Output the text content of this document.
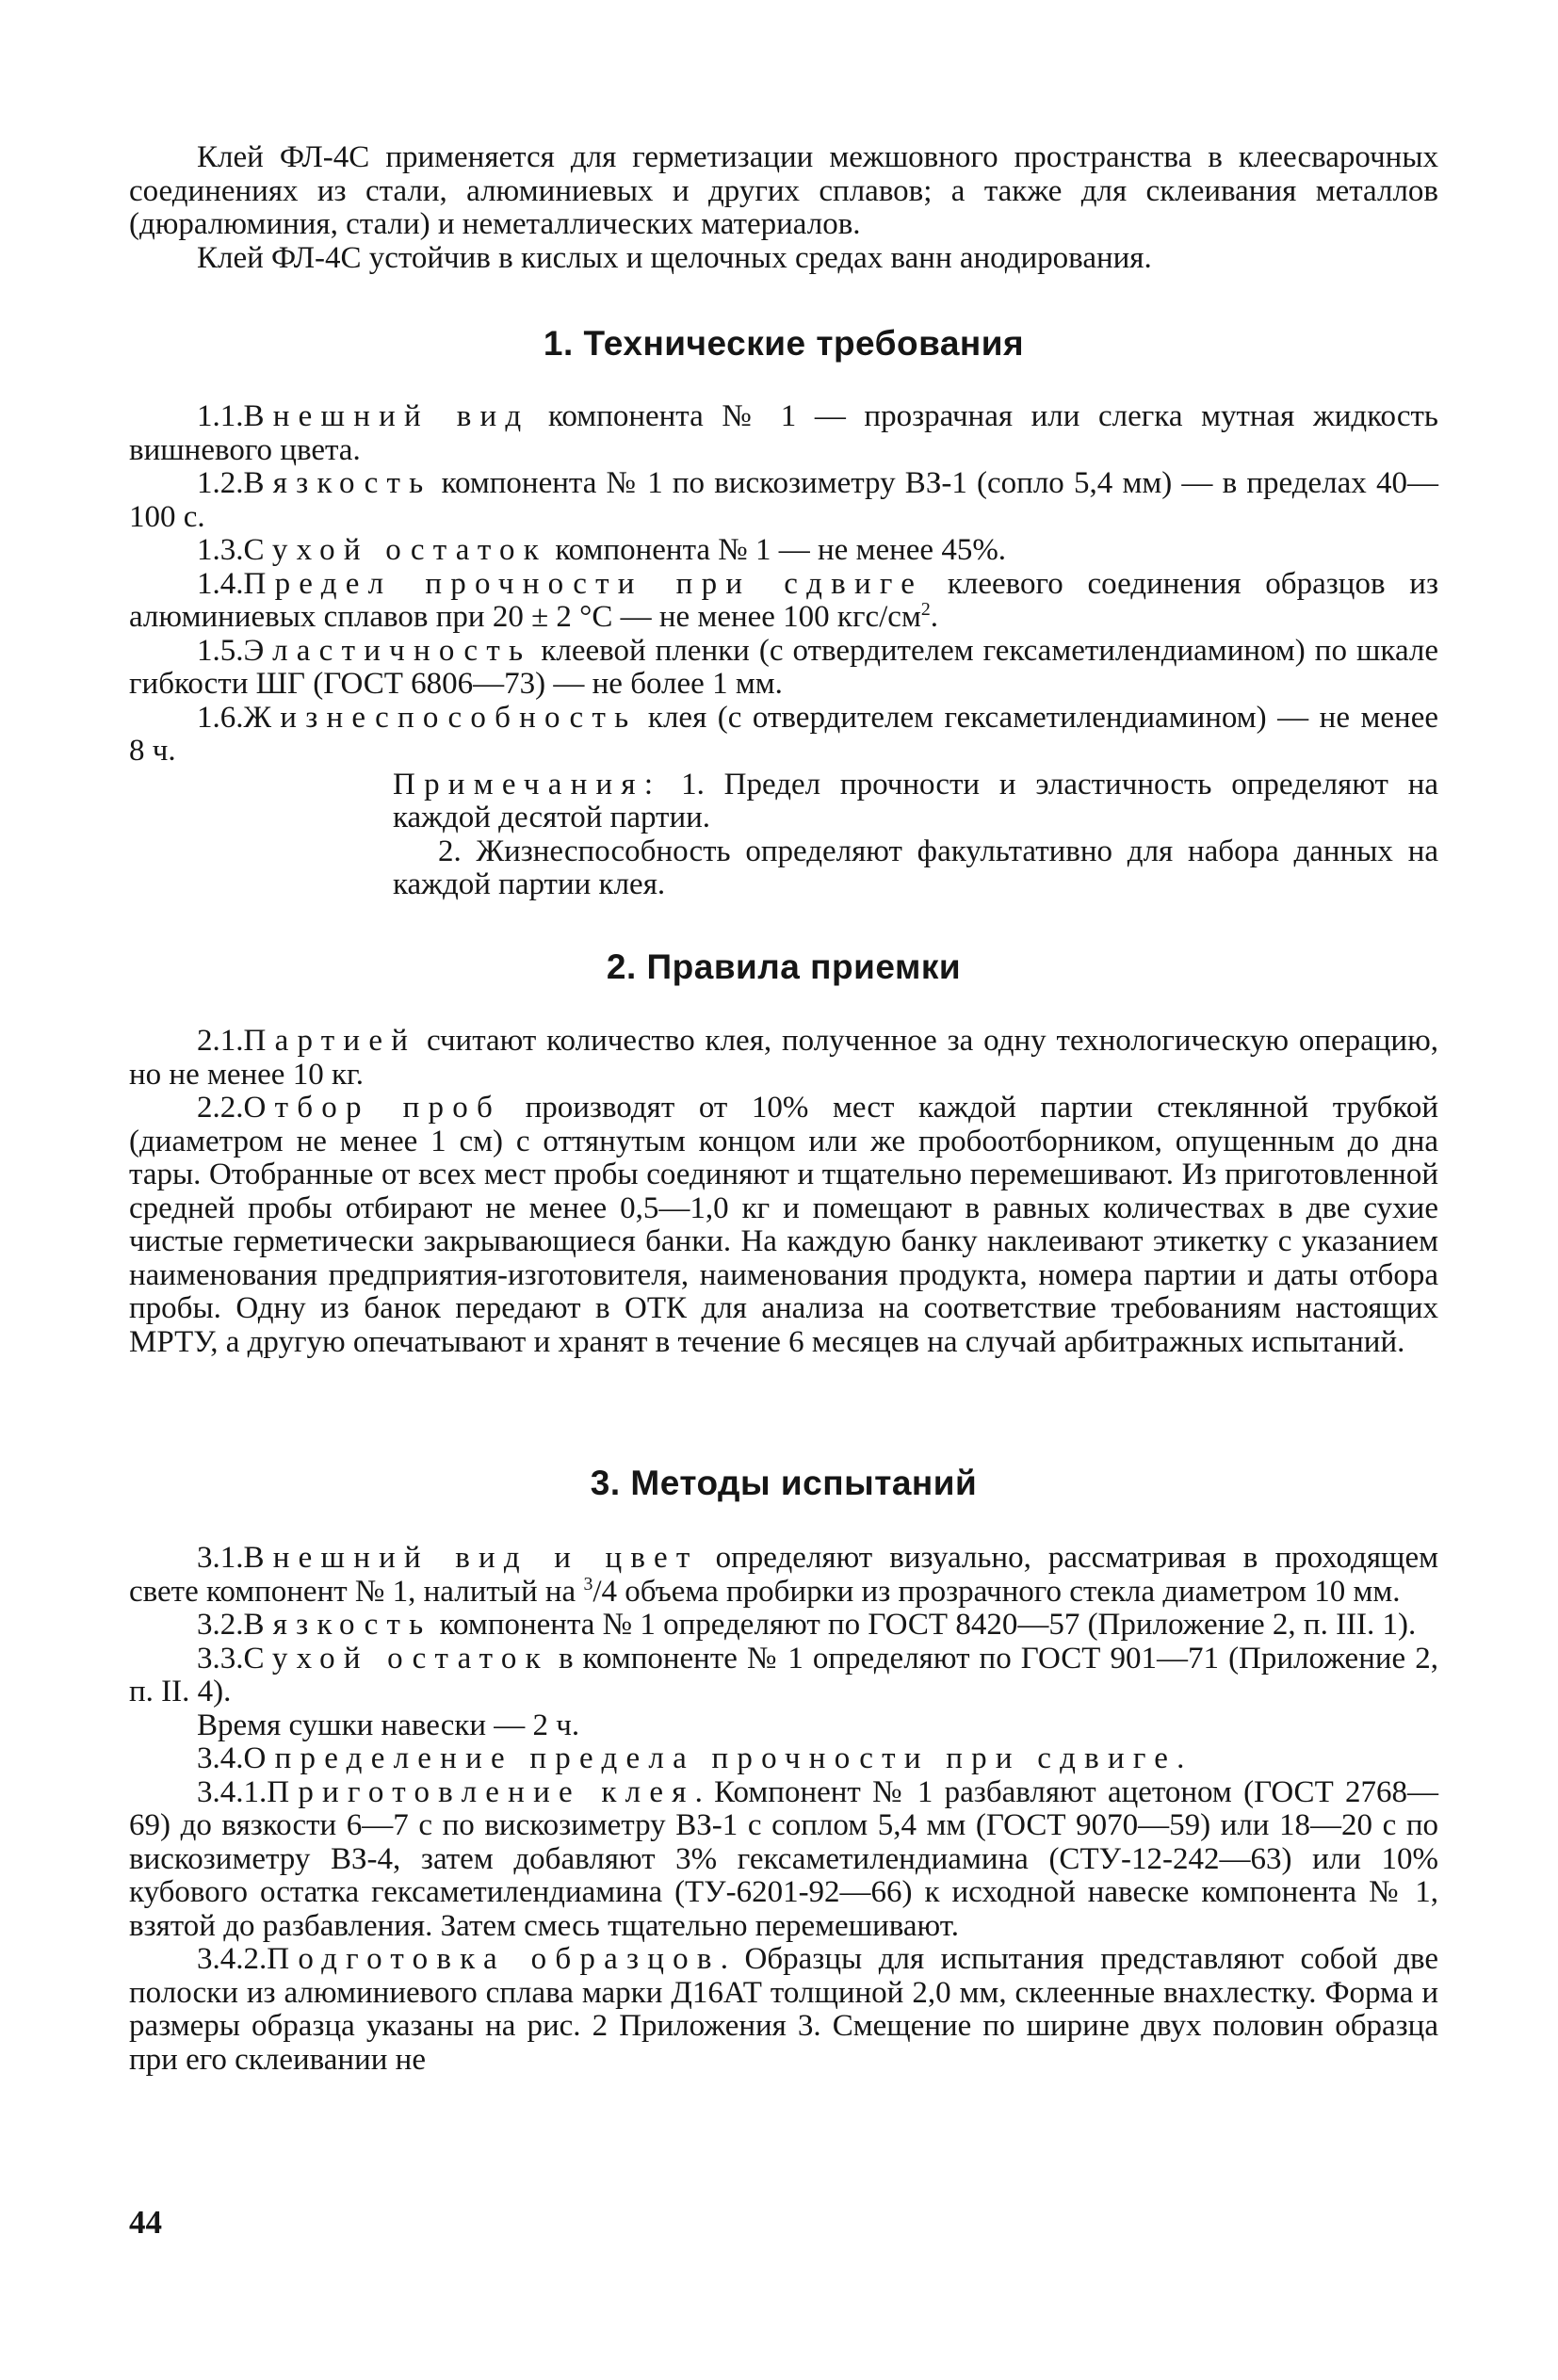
Клей ФЛ-4С применяется для герметизации межшовного пространства в клеесварочных соединениях из стали, алюминиевых и других сплавов; а также для склеивания металлов (дюралюминия, стали) и неметаллических материалов.

Клей ФЛ-4С устойчив в кислых и щелочных средах ванн анодирования.

1. Технические требования

1.1.Внешний вид компонента № 1 — прозрачная или слегка мутная жидкость вишневого цвета.

1.2.Вязкость компонента № 1 по вискозиметру ВЗ-1 (сопло 5,4 мм) — в пределах 40—100 с.

1.3.Сухой остаток компонента № 1 — не менее 45%.

1.4.Предел прочности при сдвиге клеевого соединения образцов из алюминиевых сплавов при 20 ± 2 °С — не менее 100 кгс/$см^2$.

1.5.Эластичность клеевой пленки (с отвердителем гексаметилендиамином) по шкале гибкости ШГ (ГОСТ 6806—73) — не более 1 мм.

1.6.Жизнеспособность клея (с отвердителем гексаметилендиамином) — не менее 8 ч.

Примечания: 1. Предел прочности и эластичность определяют на каждой десятой партии.

2. Жизнеспособность определяют факультативно для набора данных на каждой партии клея.

2. Правила приемки

2.1.Партией считают количество клея, полученное за одну технологическую операцию, но не менее 10 кг.

2.2.Отбор проб производят от 10% мест каждой партии стеклянной трубкой (диаметром не менее 1 см) с оттянутым концом или же пробоотборником, опущенным до дна тары. Отобранные от всех мест пробы соединяют и тщательно перемешивают. Из приготовленной средней пробы отбирают не менее 0,5—1,0 кг и помещают в равных количествах в две сухие чистые герметически закрывающиеся банки. На каждую банку наклеивают этикетку с указанием наименования предприятия-изготовителя, наименования продукта, номера партии и даты отбора пробы. Одну из банок передают в ОТК для анализа на соответствие требованиям настоящих МРТУ, а другую опечатывают и хранят в течение 6 месяцев на случай арбитражных испытаний.

3. Методы испытаний

3.1.Внешний вид и цвет определяют визуально, рассматривая в проходящем свете компонент № 1, налитый на $^3$/4 объема пробирки из прозрачного стекла диаметром 10 мм.

3.2.Вязкость компонента № 1 определяют по ГОСТ 8420—57 (Приложение 2, п. III. 1).

3.3.Сухой остаток в компоненте № 1 определяют по ГОСТ 901—71 (Приложение 2, п. II. 4).

Время сушки навески — 2 ч.

3.4.Определение предела прочности при сдвиге.

3.4.1.Приготовление клея. Компонент № 1 разбавляют ацетоном (ГОСТ 2768—69) до вязкости 6—7 с по вискозиметру ВЗ-1 с соплом 5,4 мм (ГОСТ 9070—59) или 18—20 с по вискозиметру ВЗ-4, затем добавляют 3% гексаметилендиамина (СТУ-12-242—63) или 10% кубового остатка гексаметилендиамина (ТУ-6201-92—66) к исходной навеске компонента № 1, взятой до разбавления. Затем смесь тщательно перемешивают.

3.4.2.Подготовка образцов. Образцы для испытания представляют собой две полоски из алюминиевого сплава марки Д16АТ толщиной 2,0 мм, склеенные внахлестку. Форма и размеры образца указаны на рис. 2 Приложения 3. Смещение по ширине двух половин образца при его склеивании не

44
